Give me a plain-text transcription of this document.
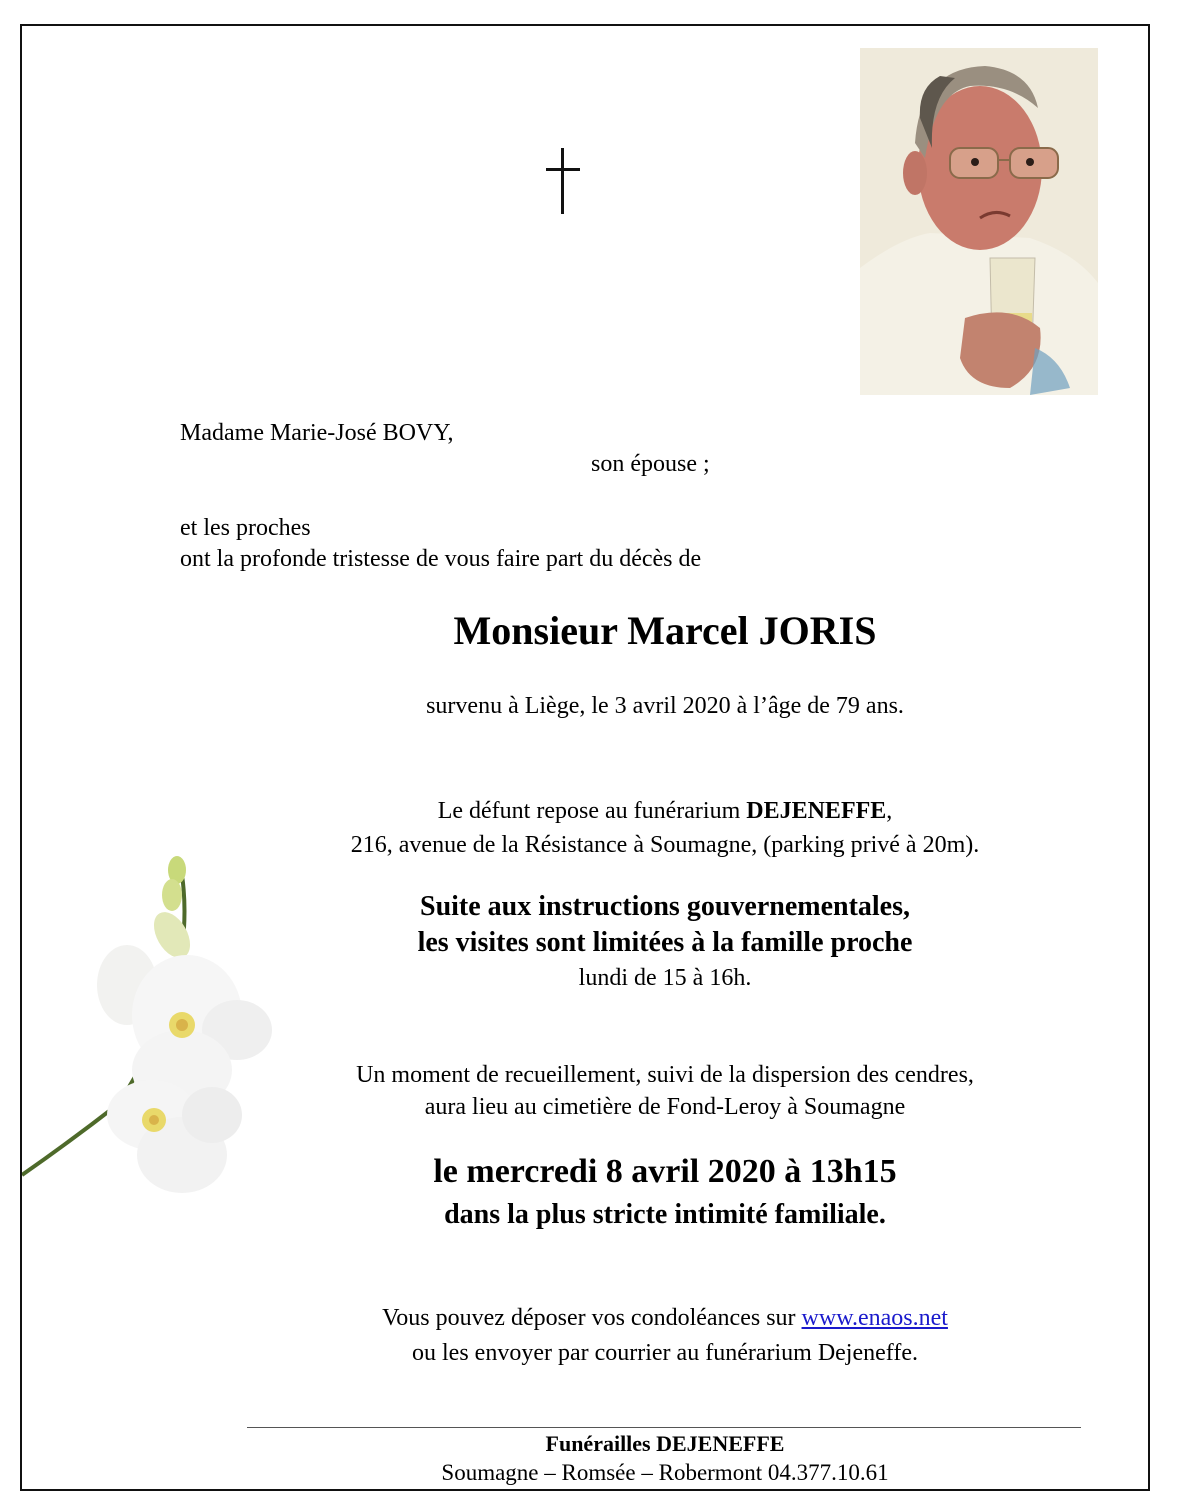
Madame Marie-José BOVY,
son épouse ;
et les proches
ont la profonde tristesse de vous faire part du décès de
Monsieur Marcel JORIS
survenu à Liège, le 3 avril 2020 à l’âge de 79 ans.
Le défunt repose au funérarium DEJENEFFE,
216, avenue de la Résistance à Soumagne, (parking privé à 20m).
Suite aux instructions gouvernementales,
les visites sont limitées à la famille proche
lundi de 15 à 16h.
Un moment de recueillement, suivi de la dispersion des cendres,
aura lieu au cimetière de Fond-Leroy à Soumagne
le mercredi 8 avril 2020 à 13h15
dans la plus stricte intimité familiale.
Vous pouvez déposer vos condoléances sur www.enaos.net
ou les envoyer par courrier au funérarium Dejeneffe.
Funérailles DEJENEFFE
Soumagne – Romsée – Robermont 04.377.10.61
